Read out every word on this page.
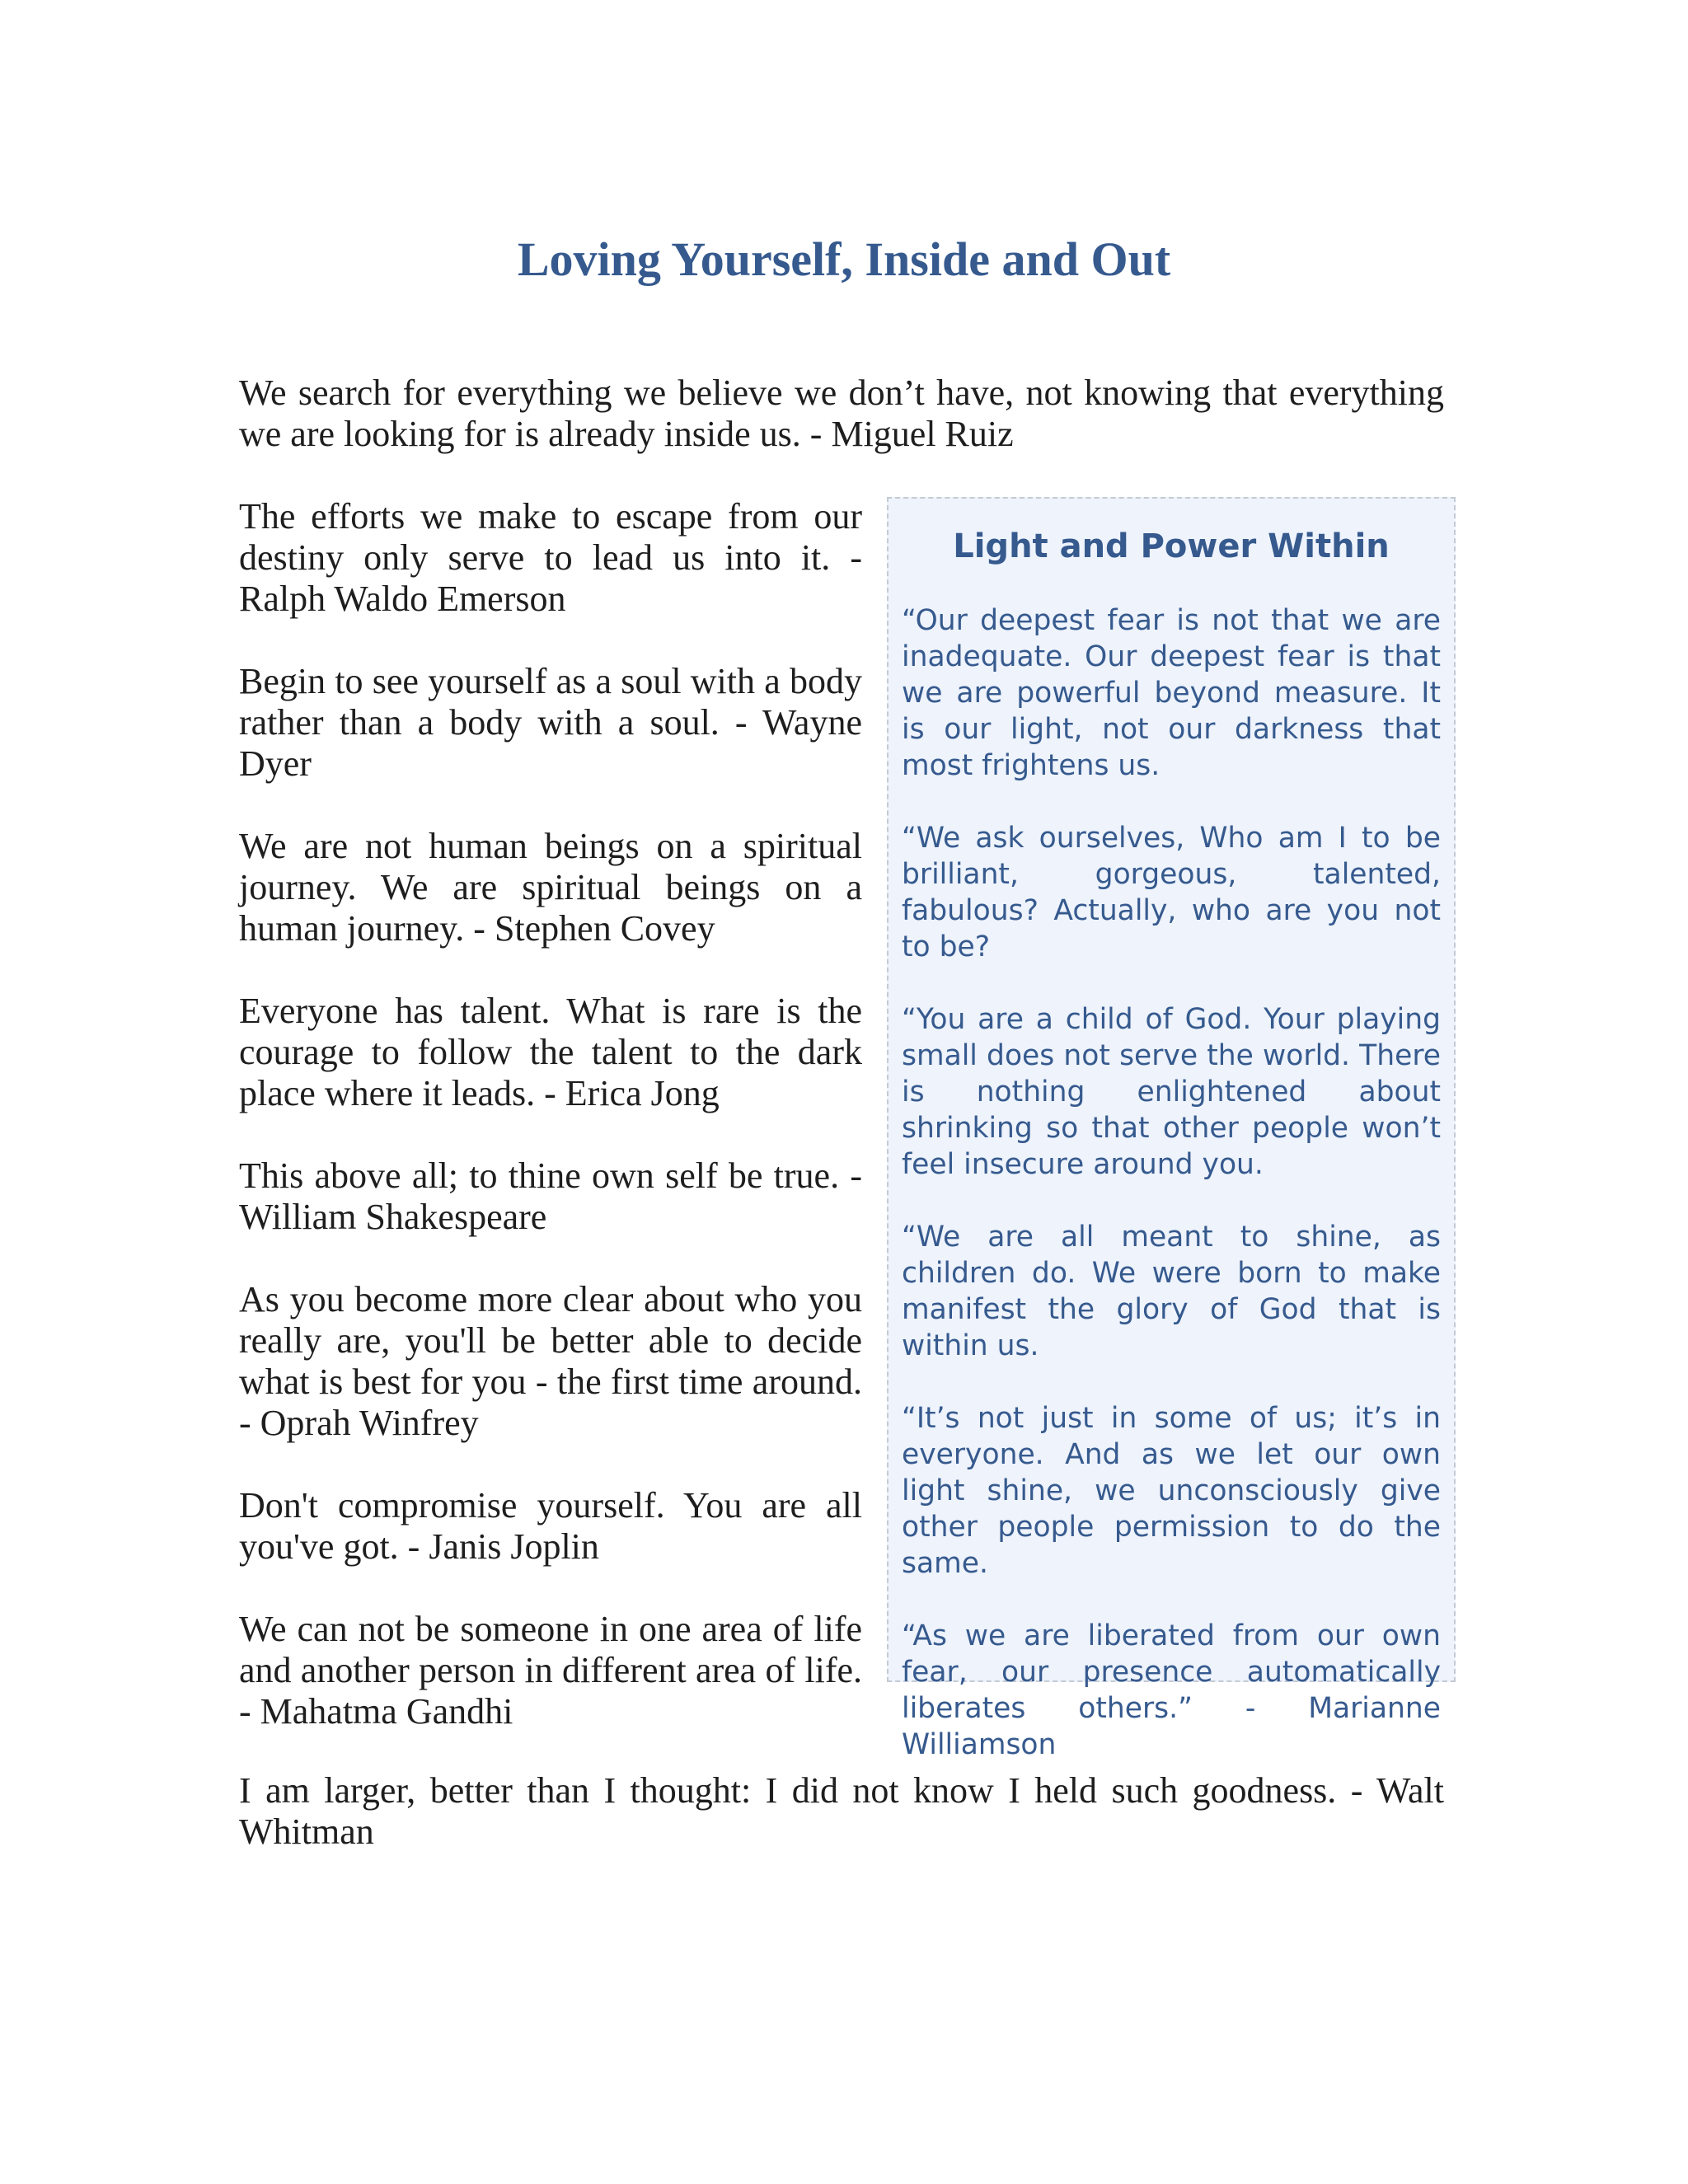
Loving Yourself, Inside and Out

We search for everything we believe we don’t have, not knowing that everything we are looking for is already inside us. - Miguel Ruiz

The efforts we make to escape from our destiny only serve to lead us into it. - Ralph Waldo Emerson

Begin to see yourself as a soul with a body rather than a body with a soul. - Wayne Dyer

We are not human beings on a spiritual journey. We are spiritual beings on a human journey. - Stephen Covey

Everyone has talent. What is rare is the courage to follow the talent to the dark place where it leads. - Erica Jong

This above all; to thine own self be true. - William Shakespeare

As you become more clear about who you really are, you'll be better able to decide what is best for you - the first time around. - Oprah Winfrey

Don't compromise yourself. You are all you've got. - Janis Joplin

We can not be someone in one area of life and another person in different area of life. - Mahatma Gandhi

Light and Power Within

“Our deepest fear is not that we are inadequate. Our deepest fear is that we are powerful beyond measure. It is our light, not our darkness that most frightens us.

“We ask ourselves, Who am I to be brilliant, gorgeous, talented, fabulous? Actually, who are you not to be?

“You are a child of God. Your playing small does not serve the world. There is nothing enlightened about shrinking so that other people won’t feel insecure around you.

“We are all meant to shine, as children do. We were born to make manifest the glory of God that is within us.

“It’s not just in some of us; it’s in everyone. And as we let our own light shine, we unconsciously give other people permission to do the same.

“As we are liberated from our own fear, our presence automatically liberates others.” - Marianne Williamson

I am larger, better than I thought: I did not know I held such goodness. - Walt Whitman
